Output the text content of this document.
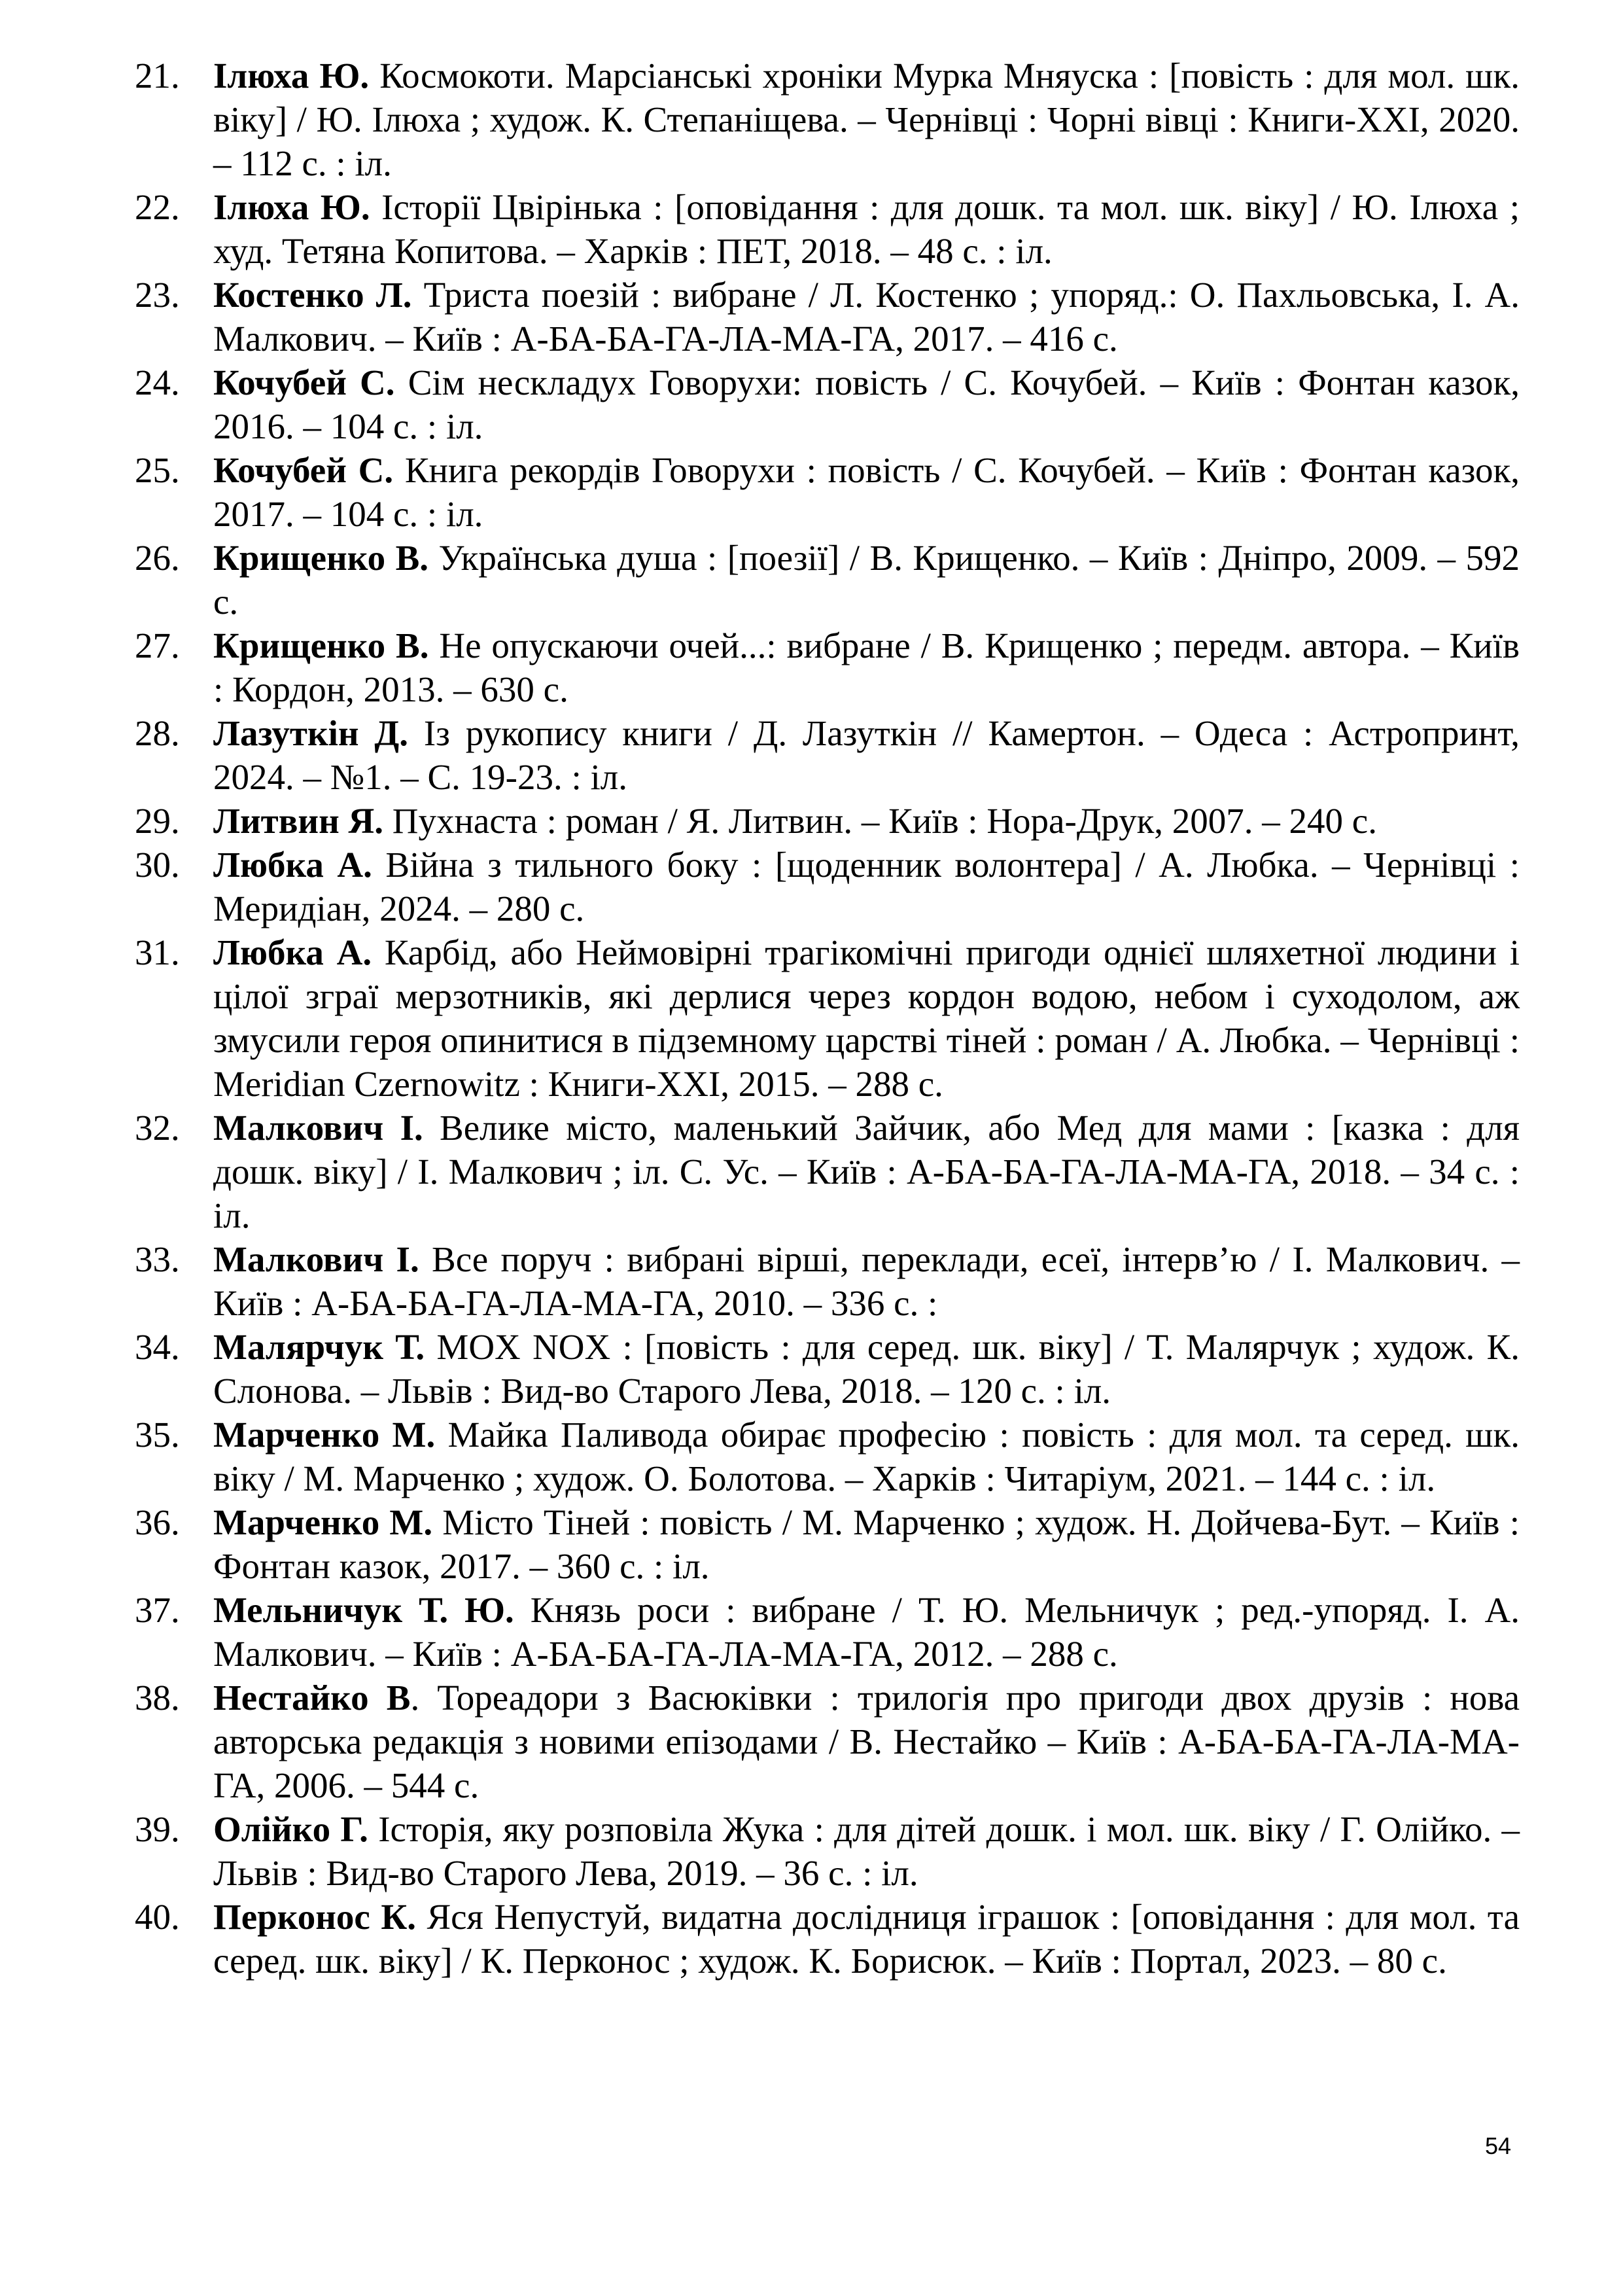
21. Ілюха Ю. Космокоти. Марсіанські хроніки Мурка Мняуска : [повість : для мол. шк. віку] / Ю. Ілюха ; худож. К. Степаніщева. – Чернівці : Чорні вівці : Книги-XXI, 2020. – 112 с. : іл.
22. Ілюха Ю. Історії Цвірінька : [оповідання : для дошк. та мол. шк. віку] / Ю. Ілюха ; худ. Тетяна Копитова. – Харків : ПЕТ, 2018. – 48 с. : іл.
23. Костенко Л. Триста поезій : вибране / Л. Костенко ; упоряд.: О. Пахльовська, І. А. Малкович. – Київ : А-БА-БА-ГА-ЛА-МА-ГА, 2017. – 416 с.
24. Кочубей С. Сім нескладух Говорухи: повість / С. Кочубей. – Київ : Фонтан казок, 2016. – 104 с. : іл.
25. Кочубей С. Книга рекордів Говорухи : повість / С. Кочубей. – Київ : Фонтан казок, 2017. – 104 с. : іл.
26. Крищенко В. Українська душа : [поезії] / В. Крищенко. – Київ : Дніпро, 2009. – 592 с.
27. Крищенко В. Не опускаючи очей...: вибране / В. Крищенко ; передм. автора. – Київ : Кордон, 2013. – 630 с.
28. Лазуткін Д. Із рукопису книги / Д. Лазуткін // Камертон. – Одеса : Астропринт, 2024. – №1. – С. 19-23. : іл.
29. Литвин Я. Пухнаста : роман / Я. Литвин. – Київ : Нора-Друк, 2007. – 240 с.
30. Любка А. Війна з тильного боку : [щоденник волонтера] / А. Любка. – Чернівці : Меридіан, 2024. – 280 с.
31. Любка А. Карбід, або Неймовірні трагікомічні пригоди однієї шляхетної людини і цілої зграї мерзотників, які дерлися через кордон водою, небом і суходолом, аж змусили героя опинитися в підземному царстві тіней : роман / А. Любка. – Чернівці : Meridian Czernowitz : Книги-XXI, 2015. – 288 с.
32. Малкович І. Велике місто, маленький Зайчик, або Мед для мами : [казка : для дошк. віку] / І. Малкович ; іл. С. Ус. – Київ : А-БА-БА-ГА-ЛА-МА-ГА, 2018. – 34 с. : іл.
33. Малкович І. Все поруч : вибрані вірші, переклади, есеї, інтерв’ю / І. Малкович. – Київ : А-БА-БА-ГА-ЛА-МА-ГА, 2010. – 336 с. :
34. Малярчук Т. MOX NOX : [повість : для серед. шк. віку] / Т. Малярчук ; худож. К. Слонова. – Львів : Вид-во Старого Лева, 2018. – 120 с. : іл.
35. Марченко М. Майка Паливода обирає професію : повість : для мол. та серед. шк. віку / М. Марченко ; худож. О. Болотова. – Харків : Читаріум, 2021. – 144 с. : іл.
36. Марченко М. Місто Тіней : повість / М. Марченко ; худож. Н. Дойчева-Бут. – Київ : Фонтан казок, 2017. – 360 с. : іл.
37. Мельничук Т. Ю. Князь роси : вибране / Т. Ю. Мельничук ; ред.-упоряд. І. А. Малкович. – Київ : А-БА-БА-ГА-ЛА-МА-ГА, 2012. – 288 с.
38. Нестайко В. Тореадори з Васюківки : трилогія про пригоди двох друзів : нова авторська редакція з новими епізодами / В. Нестайко – Київ : А-БА-БА-ГА-ЛА-МА-ГА, 2006. – 544 с.
39. Олійко Г. Історія, яку розповіла Жука : для дітей дошк. і мол. шк. віку / Г. Олійко. – Львів : Вид-во Старого Лева, 2019. – 36 с. : іл.
40. Перконос К. Яся Непустуй, видатна дослідниця іграшок : [оповідання : для мол. та серед. шк. віку] / К. Перконос ; худож. К. Борисюк. – Київ : Портал, 2023. – 80 с.
54
